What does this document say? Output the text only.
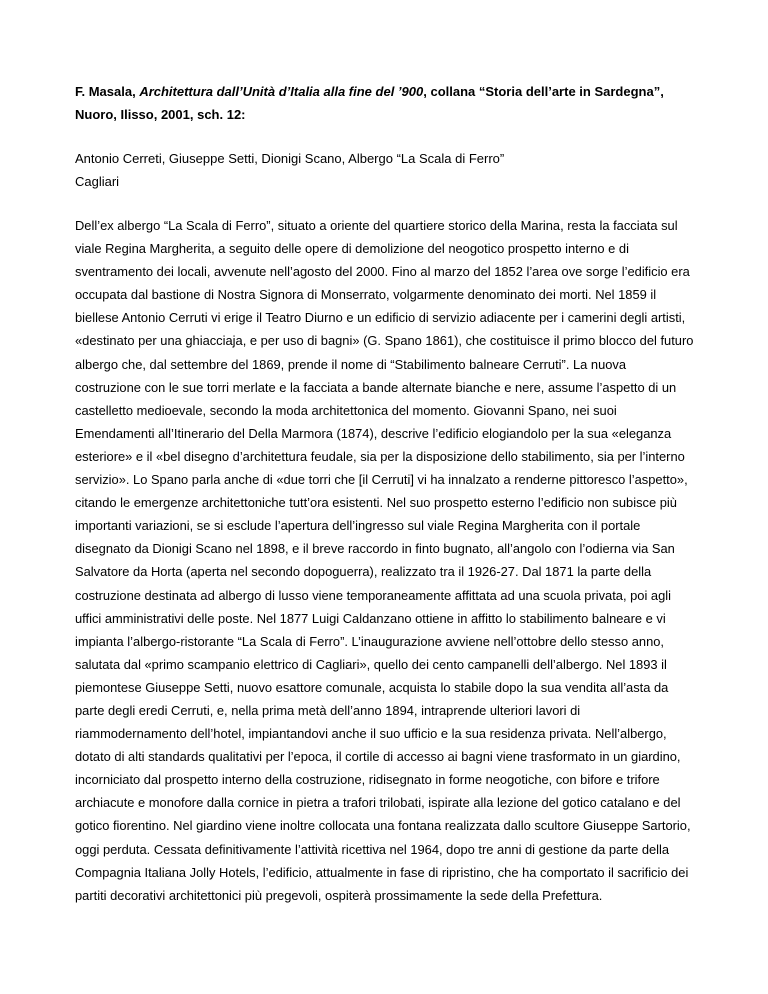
F. Masala, Architettura dall’Unità d’Italia alla fine del ’900, collana “Storia dell’arte in Sardegna”, Nuoro, Ilisso, 2001, sch. 12:

Antonio Cerreti, Giuseppe Setti, Dionigi Scano, Albergo “La Scala di Ferro”
Cagliari
Dell’ex albergo “La Scala di Ferro”, situato a oriente del quartiere storico della Marina, resta la facciata sul viale Regina Margherita, a seguito delle opere di demolizione del neogotico prospetto interno e di sventramento dei locali, avvenute nell’agosto del 2000. Fino al marzo del 1852 l’area ove sorge l’edificio era occupata dal bastione di Nostra Signora di Monserrato, volgarmente denominato dei morti. Nel 1859 il biellese Antonio Cerruti vi erige il Teatro Diurno e un edificio di servizio adiacente per i camerini degli artisti, «destinato per una ghiacciaja, e per uso di bagni» (G. Spano 1861), che costituisce il primo blocco del futuro albergo che, dal settembre del 1869, prende il nome di “Stabilimento balneare Cerruti”. La nuova costruzione con le sue torri merlate e la facciata a bande alternate bianche e nere, assume l’aspetto di un castelletto medioevale, secondo la moda architettonica del momento. Giovanni Spano, nei suoi Emendamenti all’Itinerario del Della Marmora (1874), descrive l’edificio elogiandolo per la sua «eleganza esteriore» e il «bel disegno d’architettura feudale, sia per la disposizione dello stabilimento, sia per l’interno servizio». Lo Spano parla anche di «due torri che [il Cerruti] vi ha innalzato a renderne pittoresco l’aspetto», citando le emergenze architettoniche tutt’ora esistenti. Nel suo prospetto esterno l’edificio non subisce più importanti variazioni, se si esclude l’apertura dell’ingresso sul viale Regina Margherita con il portale disegnato da Dionigi Scano nel 1898, e il breve raccordo in finto bugnato, all’angolo con l’odierna via San Salvatore da Horta (aperta nel secondo dopoguerra), realizzato tra il 1926-27. Dal 1871 la parte della costruzione destinata ad albergo di lusso viene temporaneamente affittata ad una scuola privata, poi agli uffici amministrativi delle poste. Nel 1877 Luigi Caldanzano ottiene in affitto lo stabilimento balneare e vi impianta l’albergo-ristorante “La Scala di Ferro”. L’inaugurazione avviene nell’ottobre dello stesso anno, salutata dal «primo scampanio elettrico di Cagliari», quello dei cento campanelli dell’albergo. Nel 1893 il piemontese Giuseppe Setti, nuovo esattore comunale, acquista lo stabile dopo la sua vendita all’asta da parte degli eredi Cerruti, e, nella prima metà dell’anno 1894, intraprende ulteriori lavori di riammodernamento dell’hotel, impiantandovi anche il suo ufficio e la sua residenza privata. Nell’albergo, dotato di alti standards qualitativi per l’epoca, il cortile di accesso ai bagni viene trasformato in un giardino, incorniciato dal prospetto interno della costruzione, ridisegnato in forme neogotiche, con bifore e trifore archiacute e monofore dalla cornice in pietra a trafori trilobati, ispirate alla lezione del gotico catalano e del gotico fiorentino. Nel giardino viene inoltre collocata una fontana realizzata dallo scultore Giuseppe Sartorio, oggi perduta. Cessata definitivamente l’attività ricettiva nel 1964, dopo tre anni di gestione da parte della Compagnia Italiana Jolly Hotels, l’edificio, attualmente in fase di ripristino, che ha comportato il sacrificio dei partiti decorativi architettonici più pregevoli, ospiterà prossimamente la sede della Prefettura.
